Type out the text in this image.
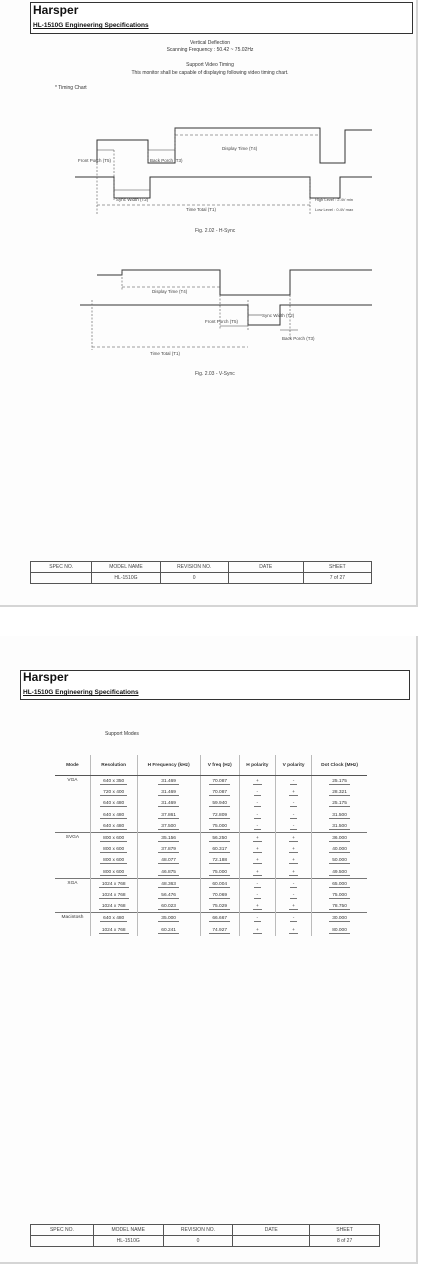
Harsper
HL-1510G Engineering Specifications
Vertical Deflection
Scanning Frequency : 50.42 ~ 75.02Hz
Support Video Timing
This monitor shall be capable of displaying following video timing chart.
* Timing Chart
Front Porch (T5)	Back Porch (T3)
Display Time (T4)
Sync Width (T2)
Time Total (T1)
High Level : 2.4V min
Low Level : 0.4V max
Fig. 2.02 - H-Sync
Display Time (T4)
Sync Width (T2)
Front Porch (T5)
Back Porch (T3)
Time Total (T1)
Fig. 2.03 - V-Sync
SPEC NO.	MODEL NAME	REVISION NO.	DATE	SHEET
	HL-1510G	0		7 of 27
Harsper
HL-1510G Engineering Specifications
Support Modes
Mode	Resolution	H Frequency (kHz)	V freq (Hz)	H polarity	V polarity	Dot Clock (MHz)
VGA	640 x 350	31.469	70.087	+	-	25.175
	720 x 400	31.469	70.087	-	+	28.321
	640 x 480	31.469	59.940	-	-	25.175
	640 x 480	37.861	72.809	-	-	31.500
	640 x 480	37.500	75.000	-	-	31.500
SVGA	800 x 600	35.156	56.250	+	+	36.000
	800 x 600	37.879	60.317	+	+	40.000
	800 x 600	48.077	72.188	+	+	50.000
	800 x 600	46.875	75.000	+	+	49.500
XGA	1024 x 768	48.363	60.004	-	-	65.000
	1024 x 768	56.476	70.069	-	-	75.000
	1024 x 768	60.023	75.029	+	+	78.750
Macintosh	640 x 480	35.000	66.667	-	-	30.000
	1024 x 768	60.241	74.927	+	+	80.000
SPEC NO.	MODEL NAME	REVISION NO.	DATE	SHEET
	HL-1510G	0		8 of 27
